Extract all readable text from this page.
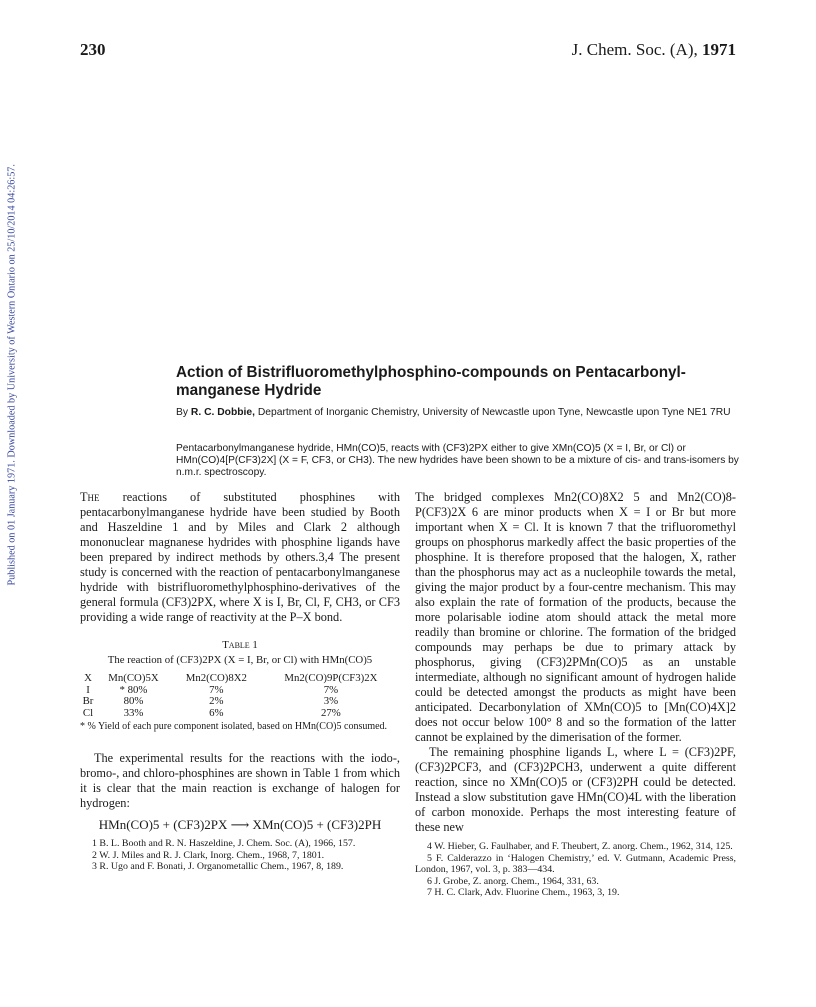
Published on 01 January 1971. Downloaded by University of Western Ontario on 25/10/2014 04:26:57.
230	J. Chem. Soc. (A), 1971
Action of Bistrifluoromethylphosphino-compounds on Pentacarbonyl-manganese Hydride
By R. C. Dobbie, Department of Inorganic Chemistry, University of Newcastle upon Tyne, Newcastle upon Tyne NE1 7RU
Pentacarbonylmanganese hydride, HMn(CO)5, reacts with (CF3)2PX either to give XMn(CO)5 (X = I, Br, or Cl) or HMn(CO)4[P(CF3)2X] (X = F, CF3, or CH3). The new hydrides have been shown to be a mixture of cis- and trans-isomers by n.m.r. spectroscopy.

The reactions of substituted phosphines with pentacarbonylmanganese hydride have been studied by Booth and Haszeldine 1 and by Miles and Clark 2 although mononuclear magnanese hydrides with phosphine ligands have been prepared by indirect methods by others.3,4 The present study is concerned with the reaction of pentacarbonylmanganese hydride with bistrifluoromethylphosphino-derivatives of the general formula (CF3)2PX, where X is I, Br, Cl, F, CH3, or CF3 providing a wide range of reactivity at the P–X bond.

Table 1
The reaction of (CF3)2PX (X = I, Br, or Cl) with HMn(CO)5
X	Mn(CO)5X	Mn2(CO)8X2	Mn2(CO)9P(CF3)2X
I	* 80%	7%	7%
Br	80%	2%	3%
Cl	33%	6%	27%
* % Yield of each pure component isolated, based on HMn(CO)5 consumed.

The experimental results for the reactions with the iodo-, bromo-, and chloro-phosphines are shown in Table 1 from which it is clear that the main reaction is exchange of halogen for hydrogen:

HMn(CO)5 + (CF3)2PX ⟶ XMn(CO)5 + (CF3)2PH
1 B. L. Booth and R. N. Haszeldine, J. Chem. Soc. (A), 1966, 157.
2 W. J. Miles and R. J. Clark, Inorg. Chem., 1968, 7, 1801.
3 R. Ugo and F. Bonati, J. Organometallic Chem., 1967, 8, 189.

The bridged complexes Mn2(CO)8X2 5 and Mn2(CO)8-P(CF3)2X 6 are minor products when X = I or Br but more important when X = Cl. It is known 7 that the trifluoromethyl groups on phosphorus markedly affect the basic properties of the phosphine. It is therefore proposed that the halogen, X, rather than the phosphorus may act as a nucleophile towards the metal, giving the major product by a four-centre mechanism. This may also explain the rate of formation of the products, because the more polarisable iodine atom should attack the metal more readily than bromine or chlorine. The formation of the bridged compounds may perhaps be due to primary attack by phosphorus, giving (CF3)2PMn(CO)5 as an unstable intermediate, although no significant amount of hydrogen halide could be detected amongst the products as might have been anticipated. Decarbonylation of XMn(CO)5 to [Mn(CO)4X]2 does not occur below 100° 8 and so the formation of the latter cannot be explained by the dimerisation of the former.

The remaining phosphine ligands L, where L = (CF3)2PF, (CF3)2PCF3, and (CF3)2PCH3, underwent a quite different reaction, since no XMn(CO)5 or (CF3)2PH could be detected. Instead a slow substitution gave HMn(CO)4L with the liberation of carbon monoxide. Perhaps the most interesting feature of these new

4 W. Hieber, G. Faulhaber, and F. Theubert, Z. anorg. Chem., 1962, 314, 125.
5 F. Calderazzo in ‘Halogen Chemistry,’ ed. V. Gutmann, Academic Press, London, 1967, vol. 3, p. 383—434.
6 J. Grobe, Z. anorg. Chem., 1964, 331, 63.
7 H. C. Clark, Adv. Fluorine Chem., 1963, 3, 19.
